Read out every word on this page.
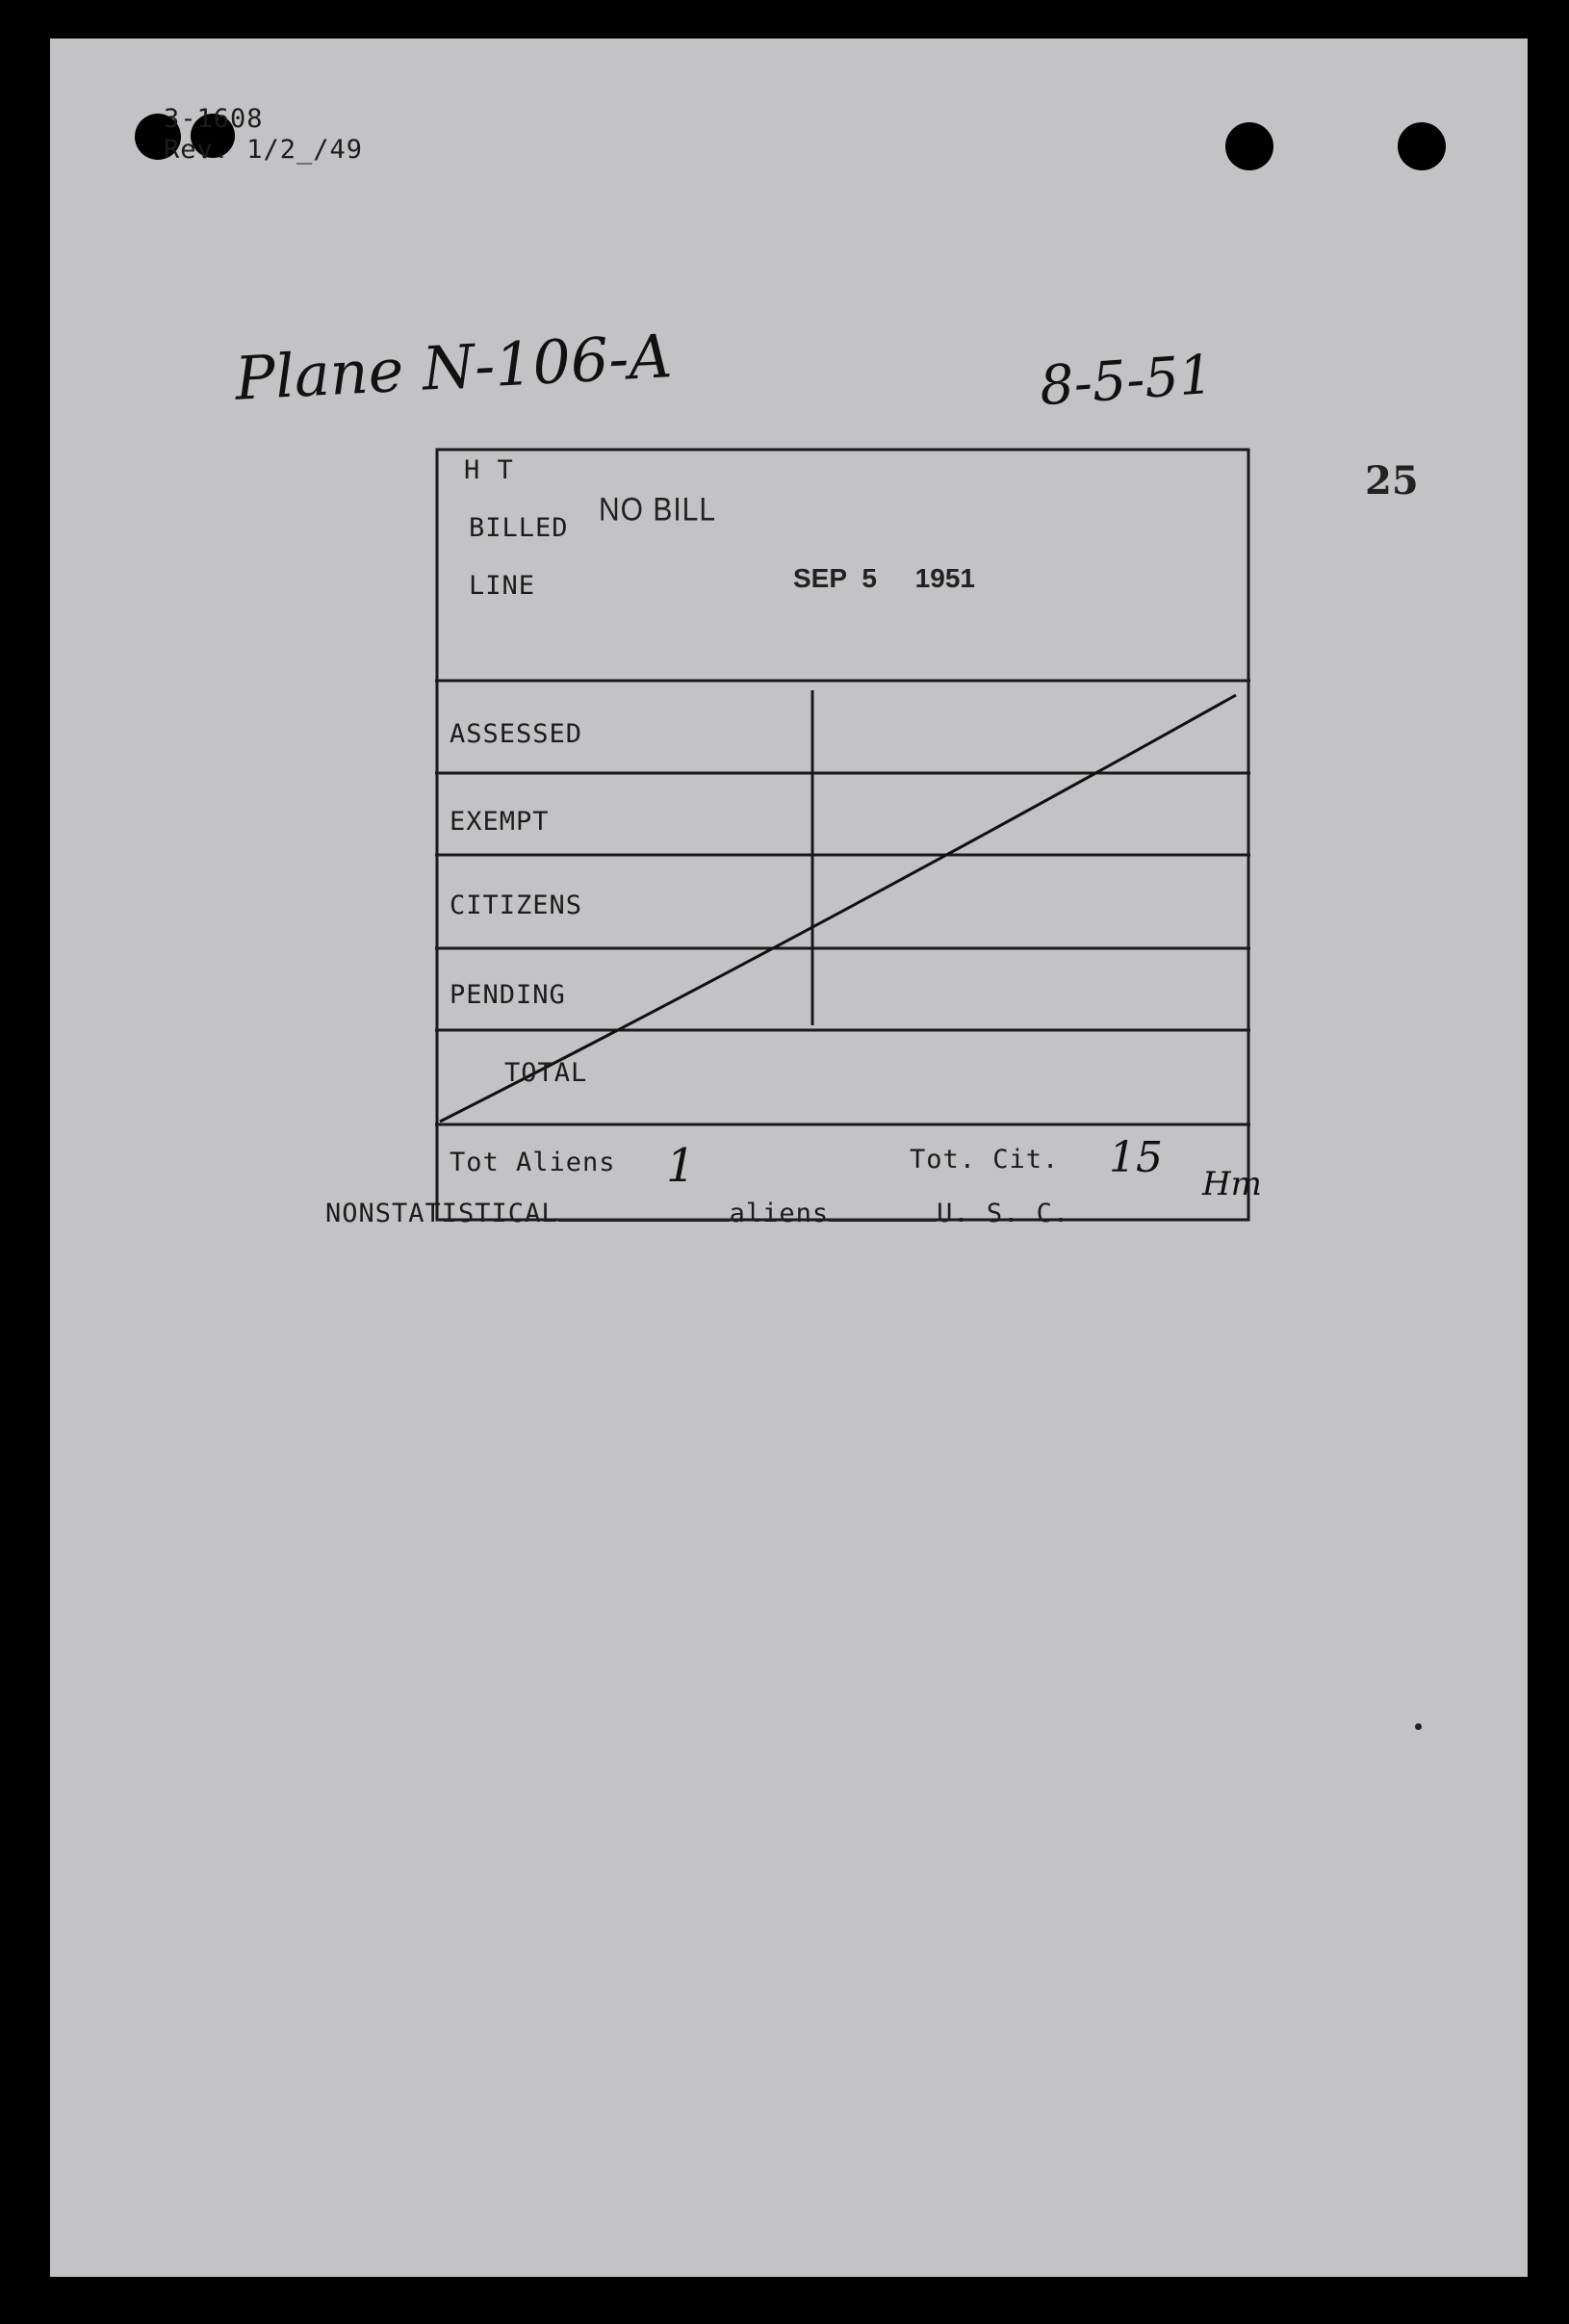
3-1608
Rev. 1/2_/49
Plane N-106-A	8-5-51
25
H T
BILLED
LINE
NO BILL
SEP 5 1951
ASSESSED
EXEMPT
CITIZENS
PENDING
TOTAL
Tot Aliens 1	Tot. Cit. 15
Hm
NONSTATISTICAL	aliens	U. S. C.
